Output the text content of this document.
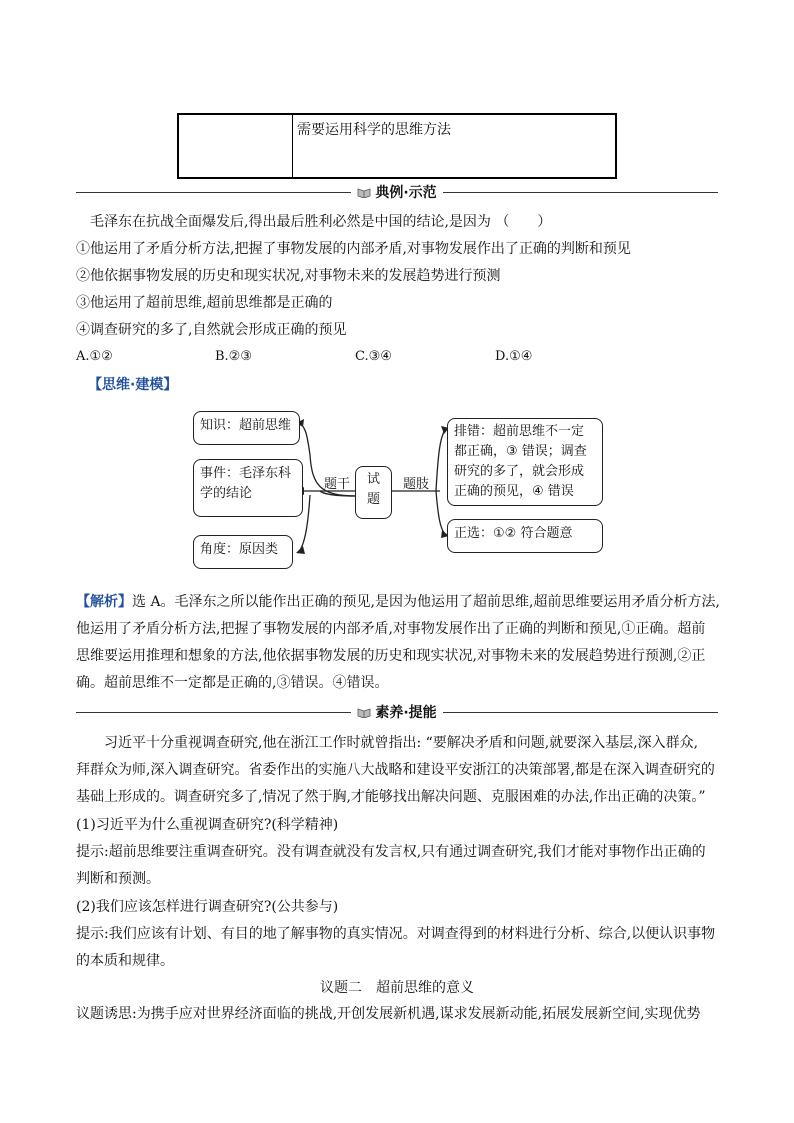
需要运用科学的思维方法
典例·示范
毛泽东在抗战全面爆发后,得出最后胜利必然是中国的结论,是因为 （　　）
①他运用了矛盾分析方法,把握了事物发展的内部矛盾,对事物发展作出了正确的判断和预见
②他依据事物发展的历史和现实状况,对事物未来的发展趋势进行预测
③他运用了超前思维,超前思维都是正确的
④调查研究的多了,自然就会形成正确的预见
A.①②	B.②③	C.③④	D.①④
【思维·建模】
知识：超前思维
事件：毛泽东科
学的结论
角度：原因类
题干	试
题
题肢
排错：超前思维不一定
都正确，③ 错误；调查
研究的多了，就会形成
正确的预见，④ 错误
正选：①② 符合题意
【解析】选 A。毛泽东之所以能作出正确的预见,是因为他运用了超前思维,超前思维要运用矛盾分析方法,
他运用了矛盾分析方法,把握了事物发展的内部矛盾,对事物发展作出了正确的判断和预见,①正确。超前
思维要运用推理和想象的方法,他依据事物发展的历史和现实状况,对事物未来的发展趋势进行预测,②正
确。超前思维不一定都是正确的,③错误。④错误。
素养·提能
习近平十分重视调查研究,他在浙江工作时就曾指出: “要解决矛盾和问题,就要深入基层,深入群众,
拜群众为师,深入调查研究。省委作出的实施八大战略和建设平安浙江的决策部署,都是在深入调查研究的
基础上形成的。调查研究多了,情况了然于胸,才能够找出解决问题、克服困难的办法,作出正确的决策。”
(1)习近平为什么重视调查研究?(科学精神)
提示:超前思维要注重调查研究。没有调查就没有发言权,只有通过调查研究,我们才能对事物作出正确的
判断和预测。
(2)我们应该怎样进行调查研究?(公共参与)
提示:我们应该有计划、有目的地了解事物的真实情况。对调查得到的材料进行分析、综合,以便认识事物
的本质和规律。
议题二　超前思维的意义
议题诱思:为携手应对世界经济面临的挑战,开创发展新机遇,谋求发展新动能,拓展发展新空间,实现优势
